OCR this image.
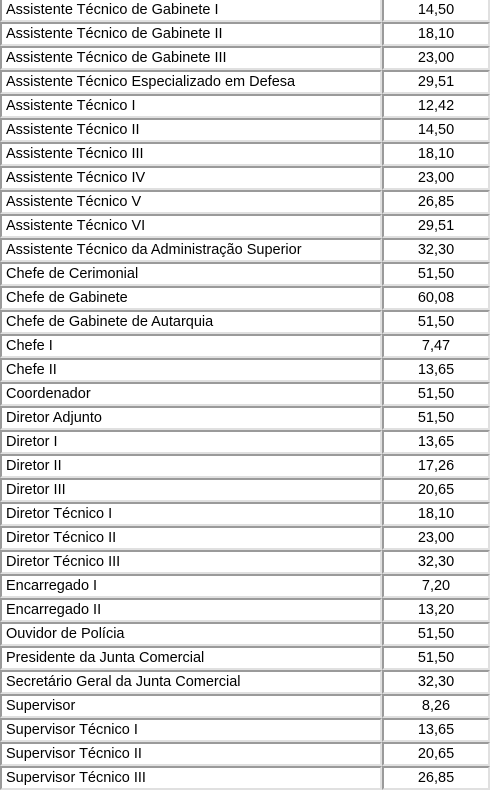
Assistente Técnico de Gabinete I	14,50
Assistente Técnico de Gabinete II	18,10
Assistente Técnico de Gabinete III	23,00
Assistente Técnico Especializado em Defesa	29,51
Assistente Técnico I	12,42
Assistente Técnico II	14,50
Assistente Técnico III	18,10
Assistente Técnico IV	23,00
Assistente Técnico V	26,85
Assistente Técnico VI	29,51
Assistente Técnico da Administração Superior	32,30
Chefe de Cerimonial	51,50
Chefe de Gabinete	60,08
Chefe de Gabinete de Autarquia	51,50
Chefe I	7,47
Chefe II	13,65
Coordenador	51,50
Diretor Adjunto	51,50
Diretor I	13,65
Diretor II	17,26
Diretor III	20,65
Diretor Técnico I	18,10
Diretor Técnico II	23,00
Diretor Técnico III	32,30
Encarregado I	7,20
Encarregado II	13,20
Ouvidor de Polícia	51,50
Presidente da Junta Comercial	51,50
Secretário Geral da Junta Comercial	32,30
Supervisor	8,26
Supervisor Técnico I	13,65
Supervisor Técnico II	20,65
Supervisor Técnico III	26,85
